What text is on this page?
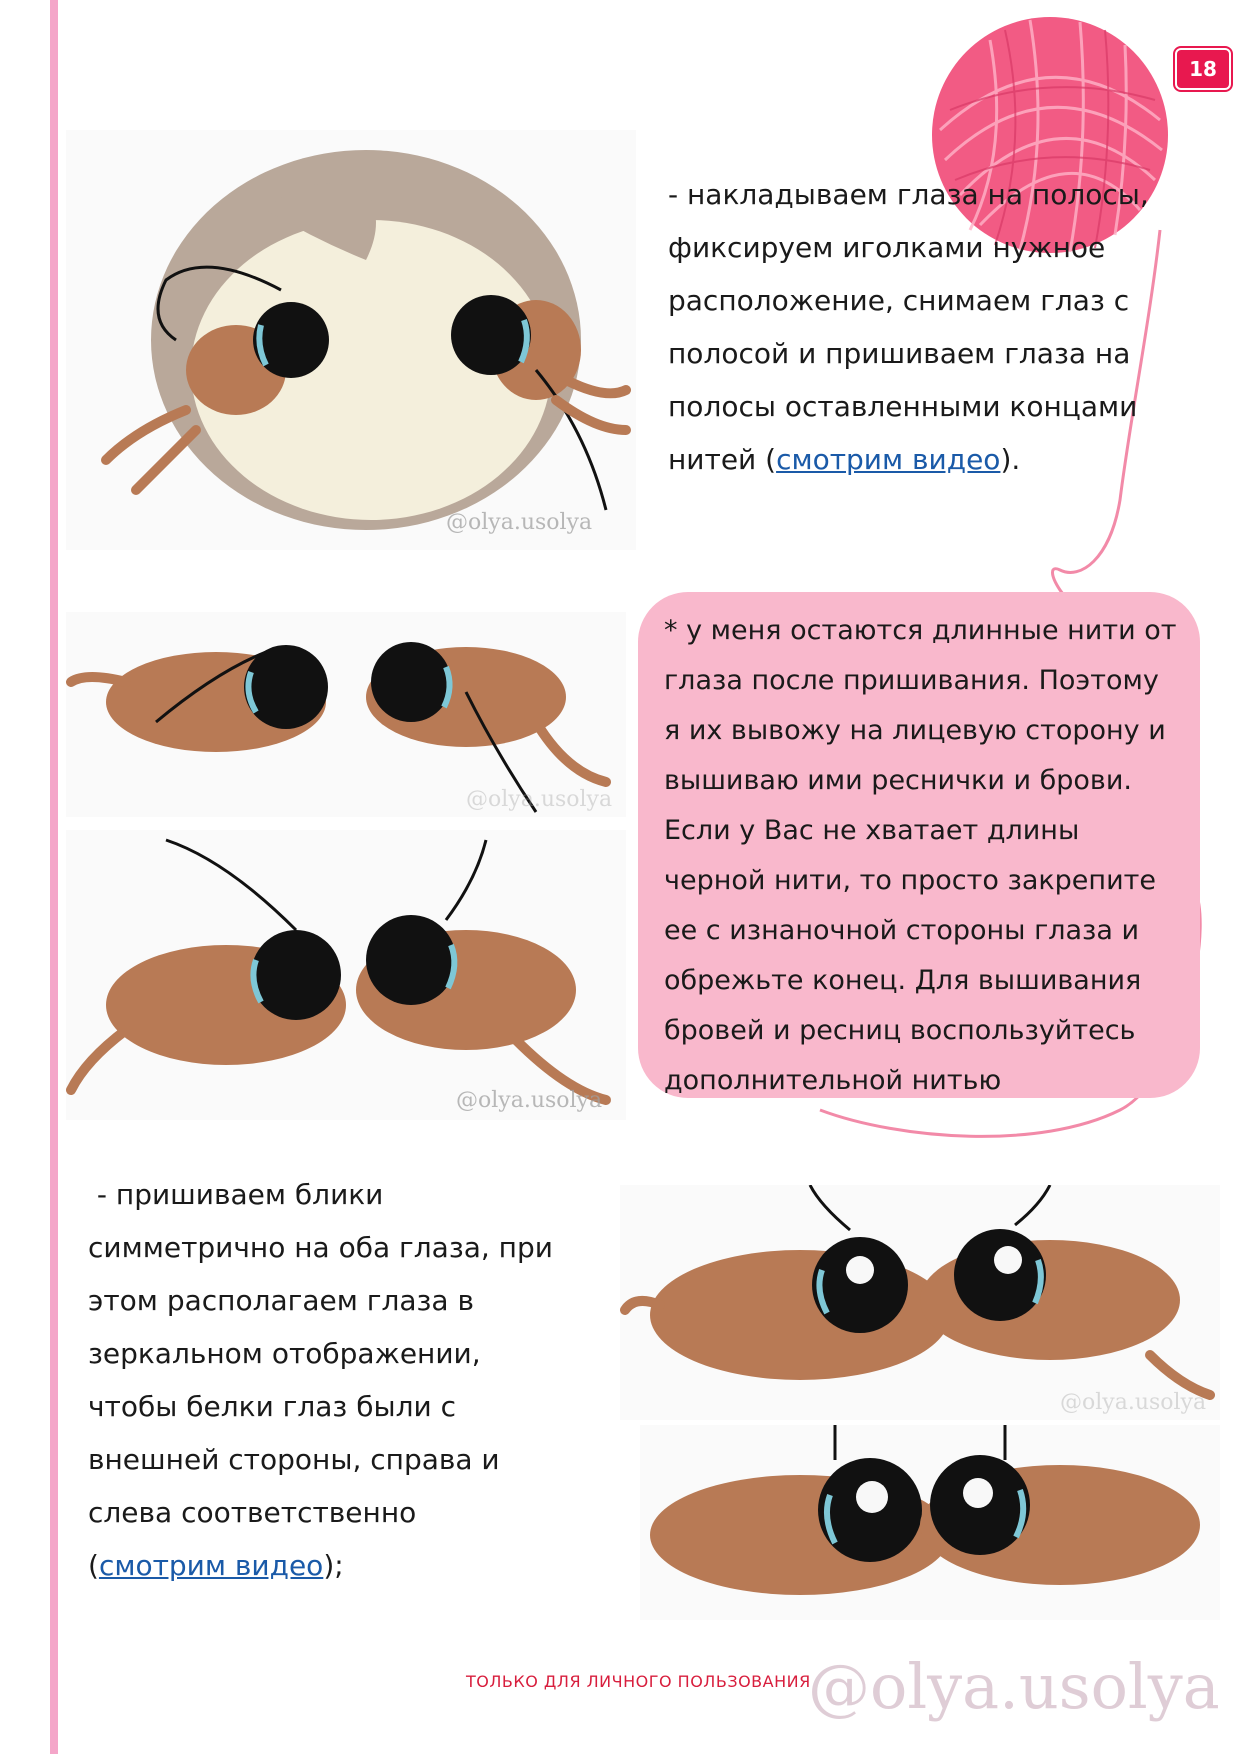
18
@olya.usolya
@olya.usolya
@olya.usolya
@olya.usolya
- накладываем глаза на полосы,
фиксируем иголками нужное
расположение, снимаем глаз с
полосой и пришиваем глаза на
полосы оставленными концами
нитей (смотрим видео).
* у меня остаются длинные нити от
глаза после пришивания. Поэтому
я их вывожу на лицевую сторону и
вышиваю ими реснички и брови.
Если у Вас не хватает длины
черной нити, то просто закрепите
ее с изнаночной стороны глаза и
обрежьте конец. Для вышивания
бровей и ресниц воспользуйтесь
дополнительной нитью
- пришиваем блики
симметрично на оба глаза, при
этом располагаем глаза в
зеркальном отображении,
чтобы белки глаз были с
внешней стороны, справа и
слева соответственно
(смотрим видео);
ТОЛЬКО ДЛЯ ЛИЧНОГО ПОЛЬЗОВАНИЯ
@olya.usolya
